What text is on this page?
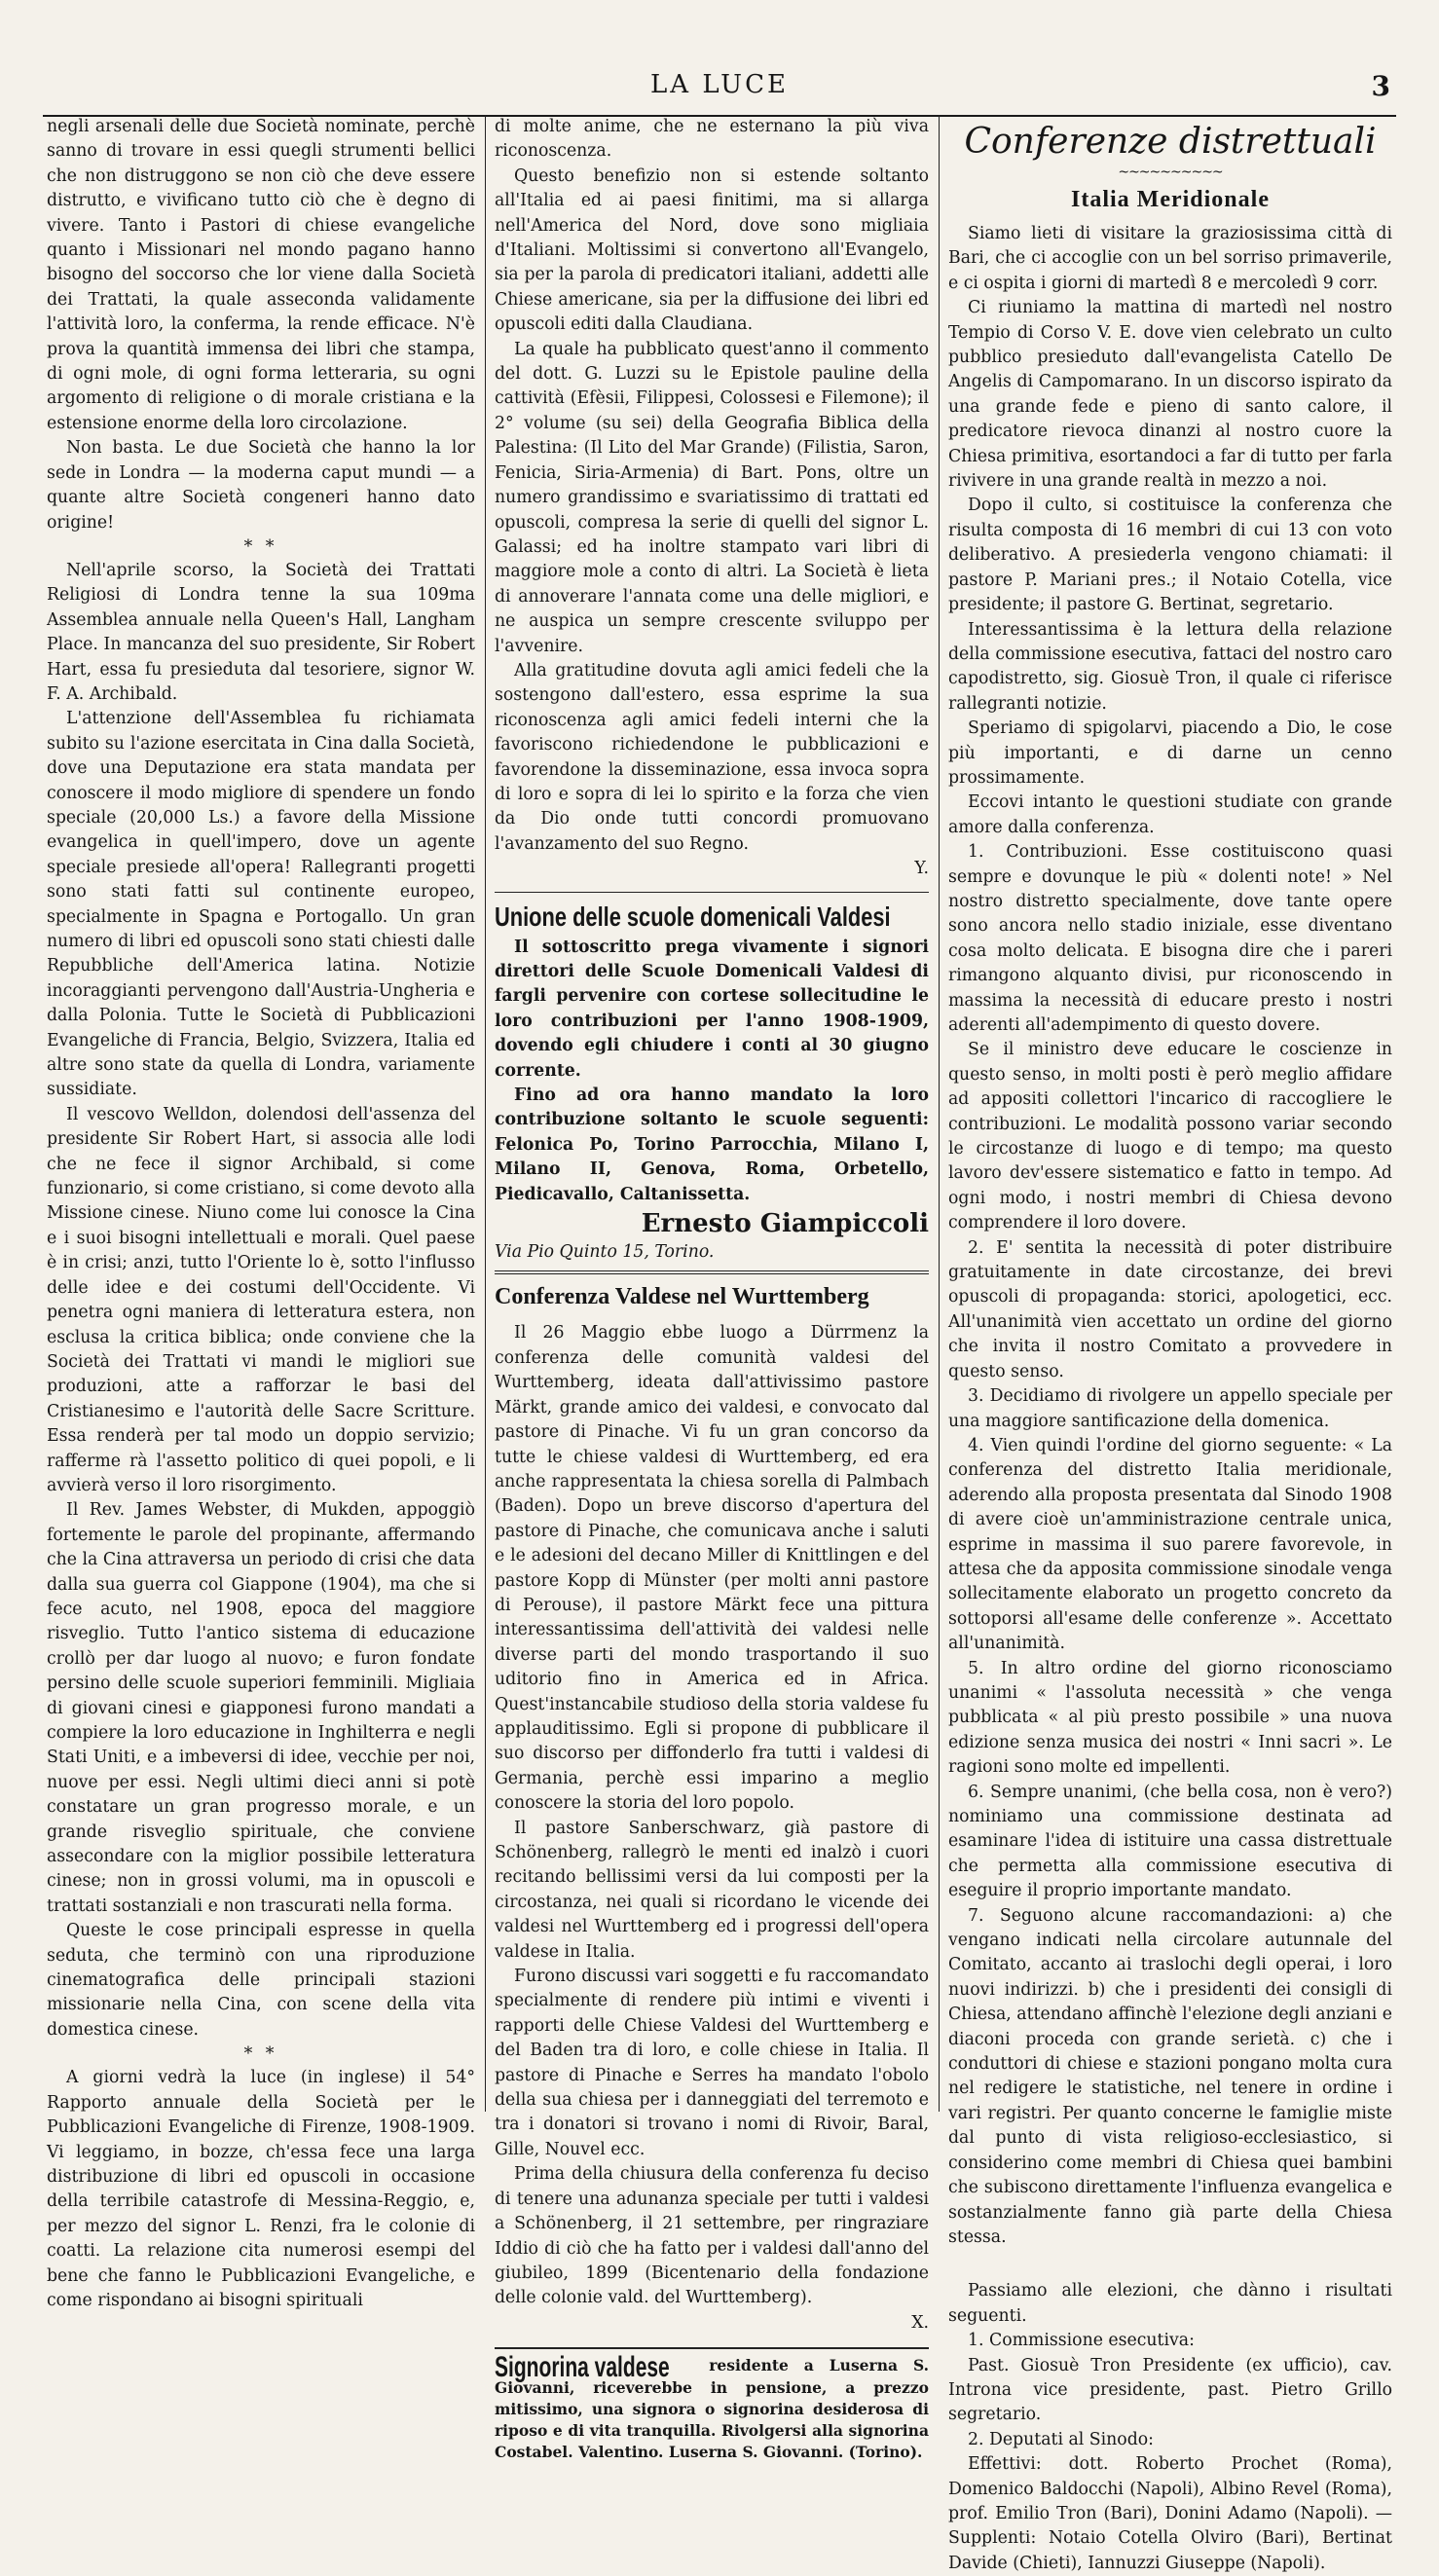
LA LUCE	3

negli arsenali delle due Società nominate, perchè sanno di trovare in essi quegli strumenti bellici che non distruggono se non ciò che deve essere distrutto, e vivificano tutto ciò che è degno di vivere. Tanto i Pastori di chiese evangeliche quanto i Missionari nel mondo pagano hanno bisogno del soccorso che lor viene dalla Società dei Trattati, la quale asseconda validamente l'attività loro, la conferma, la rende efficace. N'è prova la quantità immensa dei libri che stampa, di ogni mole, di ogni forma letteraria, su ogni argomento di religione o di morale cristiana e la estensione enorme della loro circolazione.

Non basta. Le due Società che hanno la lor sede in Londra — la moderna caput mundi — a quante altre Società congeneri hanno dato origine!

* *

Nell'aprile scorso, la Società dei Trattati Religiosi di Londra tenne la sua 109ma Assemblea annuale nella Queen's Hall, Langham Place. In mancanza del suo presidente, Sir Robert Hart, essa fu presieduta dal tesoriere, signor W. F. A. Archibald.

L'attenzione dell'Assemblea fu richiamata subito su l'azione esercitata in Cina dalla Società, dove una Deputazione era stata mandata per conoscere il modo migliore di spendere un fondo speciale (20,000 Ls.) a favore della Missione evangelica in quell'impero, dove un agente speciale presiede all'opera! Rallegranti progetti sono stati fatti sul continente europeo, specialmente in Spagna e Portogallo. Un gran numero di libri ed opuscoli sono stati chiesti dalle Repubbliche dell'America latina. Notizie incoraggianti pervengono dall'Austria-Ungheria e dalla Polonia. Tutte le Società di Pubblicazioni Evangeliche di Francia, Belgio, Svizzera, Italia ed altre sono state da quella di Londra, variamente sussidiate.

Il vescovo Welldon, dolendosi dell'assenza del presidente Sir Robert Hart, si associa alle lodi che ne fece il signor Archibald, si come funzionario, si come cristiano, si come devoto alla Missione cinese. Niuno come lui conosce la Cina e i suoi bisogni intellettuali e morali. Quel paese è in crisi; anzi, tutto l'Oriente lo è, sotto l'influsso delle idee e dei costumi dell'Occidente. Vi penetra ogni maniera di letteratura estera, non esclusa la critica biblica; onde conviene che la Società dei Trattati vi mandi le migliori sue produzioni, atte a rafforzar le basi del Cristianesimo e l'autorità delle Sacre Scritture. Essa renderà per tal modo un doppio servizio; rafferme rà l'assetto politico di quei popoli, e li avvierà verso il loro risorgimento.

Il Rev. James Webster, di Mukden, appoggiò fortemente le parole del propinante, affermando che la Cina attraversa un periodo di crisi che data dalla sua guerra col Giappone (1904), ma che si fece acuto, nel 1908, epoca del maggiore risveglio. Tutto l'antico sistema di educazione crollò per dar luogo al nuovo; e furon fondate persino delle scuole superiori femminili. Migliaia di giovani cinesi e giapponesi furono mandati a compiere la loro educazione in Inghilterra e negli Stati Uniti, e a imbeversi di idee, vecchie per noi, nuove per essi. Negli ultimi dieci anni si potè constatare un gran progresso morale, e un grande risveglio spirituale, che conviene assecondare con la miglior possibile letteratura cinese; non in grossi volumi, ma in opuscoli e trattati sostanziali e non trascurati nella forma.

Queste le cose principali espresse in quella seduta, che terminò con una riproduzione cinematografica delle principali stazioni missionarie nella Cina, con scene della vita domestica cinese.

* *

A giorni vedrà la luce (in inglese) il 54° Rapporto annuale della Società per le Pubblicazioni Evangeliche di Firenze, 1908-1909. Vi leggiamo, in bozze, ch'essa fece una larga distribuzione di libri ed opuscoli in occasione della terribile catastrofe di Messina-Reggio, e, per mezzo del signor L. Renzi, fra le colonie di coatti. La relazione cita numerosi esempi del bene che fanno le Pubblicazioni Evangeliche, e come rispondano ai bisogni spirituali

di molte anime, che ne esternano la più viva riconoscenza.

Questo benefizio non si estende soltanto all'Italia ed ai paesi finitimi, ma si allarga nell'America del Nord, dove sono migliaia d'Italiani. Moltissimi si convertono all'Evangelo, sia per la parola di predicatori italiani, addetti alle Chiese americane, sia per la diffusione dei libri ed opuscoli editi dalla Claudiana.

La quale ha pubblicato quest'anno il commento del dott. G. Luzzi su le Epistole pauline della cattività (Efèsii, Filippesi, Colossesi e Filemone); il 2° volume (su sei) della Geografia Biblica della Palestina: (Il Lito del Mar Grande) (Filistia, Saron, Fenicia, Siria-Armenia) di Bart. Pons, oltre un numero grandissimo e svariatissimo di trattati ed opuscoli, compresa la serie di quelli del signor L. Galassi; ed ha inoltre stampato vari libri di maggiore mole a conto di altri. La Società è lieta di annoverare l'annata come una delle migliori, e ne auspica un sempre crescente sviluppo per l'avvenire.

Alla gratitudine dovuta agli amici fedeli che la sostengono dall'estero, essa esprime la sua riconoscenza agli amici fedeli interni che la favoriscono richiedendone le pubblicazioni e favorendone la disseminazione, essa invoca sopra di loro e sopra di lei lo spirito e la forza che vien da Dio onde tutti concordi promuovano l'avanzamento del suo Regno.

Y.

Unione delle scuole domenicali Valdesi

Il sottoscritto prega vivamente i signori direttori delle Scuole Domenicali Valdesi di fargli pervenire con cortese sollecitudine le loro contribuzioni per l'anno 1908-1909, dovendo egli chiudere i conti al 30 giugno corrente.

Fino ad ora hanno mandato la loro contribuzione soltanto le scuole seguenti: Felonica Po, Torino Parrocchia, Milano I, Milano II, Genova, Roma, Orbetello, Piedicavallo, Caltanissetta.

Ernesto Giampiccoli

Via Pio Quinto 15, Torino.

Conferenza Valdese nel Wurttemberg

Il 26 Maggio ebbe luogo a Dürrmenz la conferenza delle comunità valdesi del Wurttemberg, ideata dall'attivissimo pastore Märkt, grande amico dei valdesi, e convocato dal pastore di Pinache. Vi fu un gran concorso da tutte le chiese valdesi di Wurttemberg, ed era anche rappresentata la chiesa sorella di Palmbach (Baden). Dopo un breve discorso d'apertura del pastore di Pinache, che comunicava anche i saluti e le adesioni del decano Miller di Knittlingen e del pastore Kopp di Münster (per molti anni pastore di Perouse), il pastore Märkt fece una pittura interessantissima dell'attività dei valdesi nelle diverse parti del mondo trasportando il suo uditorio fino in America ed in Africa. Quest'instancabile studioso della storia valdese fu applauditissimo. Egli si propone di pubblicare il suo discorso per diffonderlo fra tutti i valdesi di Germania, perchè essi imparino a meglio conoscere la storia del loro popolo.

Il pastore Sanberschwarz, già pastore di Schönenberg, rallegrò le menti ed inalzò i cuori recitando bellissimi versi da lui composti per la circostanza, nei quali si ricordano le vicende dei valdesi nel Wurttemberg ed i progressi dell'opera valdese in Italia.

Furono discussi vari soggetti e fu raccomandato specialmente di rendere più intimi e viventi i rapporti delle Chiese Valdesi del Wurttemberg e del Baden tra di loro, e colle chiese in Italia. Il pastore di Pinache e Serres ha mandato l'obolo della sua chiesa per i danneggiati del terremoto e tra i donatori si trovano i nomi di Rivoir, Baral, Gille, Nouvel ecc.

Prima della chiusura della conferenza fu deciso di tenere una adunanza speciale per tutti i valdesi a Schönenberg, il 21 settembre, per ringraziare Iddio di ciò che ha fatto per i valdesi dall'anno del giubileo, 1899 (Bicentenario della fondazione delle colonie vald. del Wurttemberg).

X.

Signorina valdese	residente a Luserna S. Giovanni, riceverebbe in pensione, a prezzo mitissimo, una signora o signorina desiderosa di riposo e di vita tranquilla. Rivolgersi alla signorina Costabel. Valentino. Luserna S. Giovanni. (Torino).

Conferenze distrettuali

~~~~~~~~~~

Italia Meridionale

Siamo lieti di visitare la graziosissima città di Bari, che ci accoglie con un bel sorriso primaverile, e ci ospita i giorni di martedì 8 e mercoledì 9 corr.

Ci riuniamo la mattina di martedì nel nostro Tempio di Corso V. E. dove vien celebrato un culto pubblico presieduto dall'evangelista Catello De Angelis di Campomarano. In un discorso ispirato da una grande fede e pieno di santo calore, il predicatore rievoca dinanzi al nostro cuore la Chiesa primitiva, esortandoci a far di tutto per farla rivivere in una grande realtà in mezzo a noi.

Dopo il culto, si costituisce la conferenza che risulta composta di 16 membri di cui 13 con voto deliberativo. A presiederla vengono chiamati: il pastore P. Mariani pres.; il Notaio Cotella, vice presidente; il pastore G. Bertinat, segretario.

Interessantissima è la lettura della relazione della commissione esecutiva, fattaci del nostro caro capodistretto, sig. Giosuè Tron, il quale ci riferisce rallegranti notizie.

Speriamo di spigolarvi, piacendo a Dio, le cose più importanti, e di darne un cenno prossimamente.

Eccovi intanto le questioni studiate con grande amore dalla conferenza.

1. Contribuzioni. Esse costituiscono quasi sempre e dovunque le più « dolenti note! » Nel nostro distretto specialmente, dove tante opere sono ancora nello stadio iniziale, esse diventano cosa molto delicata. E bisogna dire che i pareri rimangono alquanto divisi, pur riconoscendo in massima la necessità di educare presto i nostri aderenti all'adempimento di questo dovere.

Se il ministro deve educare le coscienze in questo senso, in molti posti è però meglio affidare ad appositi collettori l'incarico di raccogliere le contribuzioni. Le modalità possono variar secondo le circostanze di luogo e di tempo; ma questo lavoro dev'essere sistematico e fatto in tempo. Ad ogni modo, i nostri membri di Chiesa devono comprendere il loro dovere.

2. E' sentita la necessità di poter distribuire gratuitamente in date circostanze, dei brevi opuscoli di propaganda: storici, apologetici, ecc. All'unanimità vien accettato un ordine del giorno che invita il nostro Comitato a provvedere in questo senso.

3. Decidiamo di rivolgere un appello speciale per una maggiore santificazione della domenica.

4. Vien quindi l'ordine del giorno seguente: « La conferenza del distretto Italia meridionale, aderendo alla proposta presentata dal Sinodo 1908 di avere cioè un'amministrazione centrale unica, esprime in massima il suo parere favorevole, in attesa che da apposita commissione sinodale venga sollecitamente elaborato un progetto concreto da sottoporsi all'esame delle conferenze ». Accettato all'unanimità.

5. In altro ordine del giorno riconosciamo unanimi « l'assoluta necessità » che venga pubblicata « al più presto possibile » una nuova edizione senza musica dei nostri « Inni sacri ». Le ragioni sono molte ed impellenti.

6. Sempre unanimi, (che bella cosa, non è vero?) nominiamo una commissione destinata ad esaminare l'idea di istituire una cassa distrettuale che permetta alla commissione esecutiva di eseguire il proprio importante mandato.

7. Seguono alcune raccomandazioni: a) che vengano indicati nella circolare autunnale del Comitato, accanto ai traslochi degli operai, i loro nuovi indirizzi. b) che i presidenti dei consigli di Chiesa, attendano affinchè l'elezione degli anziani e diaconi proceda con grande serietà. c) che i conduttori di chiese e stazioni pongano molta cura nel redigere le statistiche, nel tenere in ordine i vari registri. Per quanto concerne le famiglie miste dal punto di vista religioso-ecclesiastico, si considerino come membri di Chiesa quei bambini che subiscono direttamente l'influenza evangelica e sostanzialmente fanno già parte della Chiesa stessa.

Passiamo alle elezioni, che dànno i risultati seguenti.

1. Commissione esecutiva:

Past. Giosuè Tron Presidente (ex ufficio), cav. Introna vice presidente, past. Pietro Grillo segretario.

2. Deputati al Sinodo:

Effettivi: dott. Roberto Prochet (Roma), Domenico Baldocchi (Napoli), Albino Revel (Roma), prof. Emilio Tron (Bari), Donini Adamo (Napoli). — Supplenti: Notaio Cotella Olviro (Bari), Bertinat Davide (Chieti), Iannuzzi Giuseppe (Napoli).
